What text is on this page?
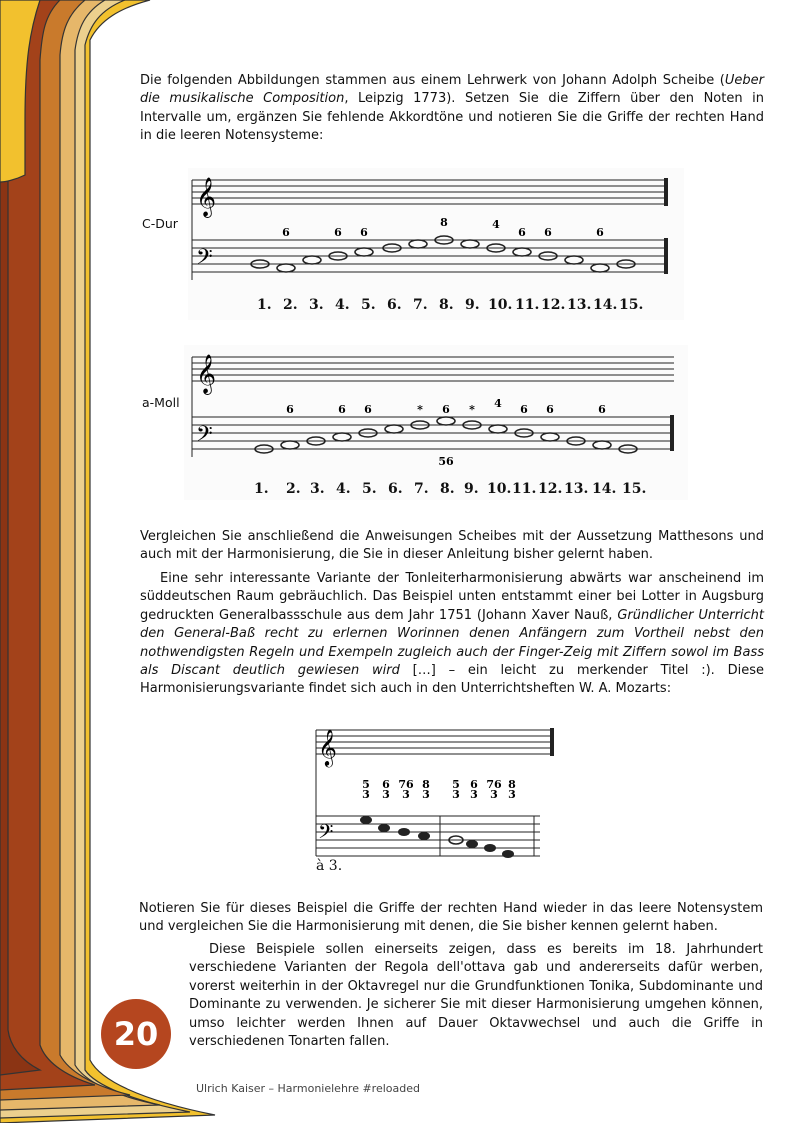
Die folgenden Abbildungen stammen aus einem Lehrwerk von Johann Adolph Scheibe (Ueber die musikalische Composition, Leipzig 1773). Setzen Sie die Ziffern über den Noten in Intervalle um, ergänzen Sie fehlende Akkordtöne und notieren Sie die Griffe der rechten Hand in die leeren Notensysteme:

C-Dur
a-Moll
𝄞
𝄢
6	6 6
8	4
6 6	6
𝄞
𝄢
6	6 6	* 6 * 4 6 6	6
56
1. 2. 3. 4. 5. 6. 7. 8. 9. 10. 11. 12. 13. 14. 15.
1. 2. 3. 4. 5. 6. 7. 8. 9. 10. 11. 12. 13. 14. 15.

Vergleichen Sie anschließend die Anweisungen Scheibes mit der Aussetzung Matthesons und auch mit der Harmonisierung, die Sie in dieser Anleitung bisher gelernt haben.

Eine sehr interessante Variante der Tonleiterharmonisierung abwärts war anscheinend im süddeutschen Raum gebräuchlich. Das Beispiel unten entstammt einer bei Lotter in Augsburg gedruckten Generalbassschule aus dem Jahr 1751 (Johann Xaver Nauß, Gründlicher Unterricht den General-Baß recht zu erlernen Worinnen denen Anfängern zum Vortheil nebst den nothwendigsten Regeln und Exempeln zugleich auch der Finger-Zeig mit Ziffern sowol im Bass als Discant deutlich gewiesen wird […] – ein leicht zu merkender Titel :). Diese Harmonisierungsvariante findet sich auch in den Unterrichtsheften W. A. Mozarts:

𝄞
𝄢
5
3
6
3
76
3
8
3
5
3
6
3
76
3
8
3
à 3.

Notieren Sie für dieses Beispiel die Griffe der rechten Hand wieder in das leere Notensystem und vergleichen Sie die Harmonisierung mit denen, die Sie bisher kennen gelernt haben.

Diese Beispiele sollen einerseits zeigen, dass es bereits im 18. Jahrhundert verschiedene Varianten der Regola dell'ottava gab und andererseits dafür werben, vorerst weiterhin in der Oktavregel nur die Grundfunktionen Tonika, Subdominante und Dominante zu verwenden. Je sicherer Sie mit dieser Harmonisierung umgehen können, umso leichter werden Ihnen auf Dauer Oktavwechsel und auch die Griffe in verschiedenen Tonarten fallen.

20
Ulrich Kaiser – Harmonielehre #reloaded
